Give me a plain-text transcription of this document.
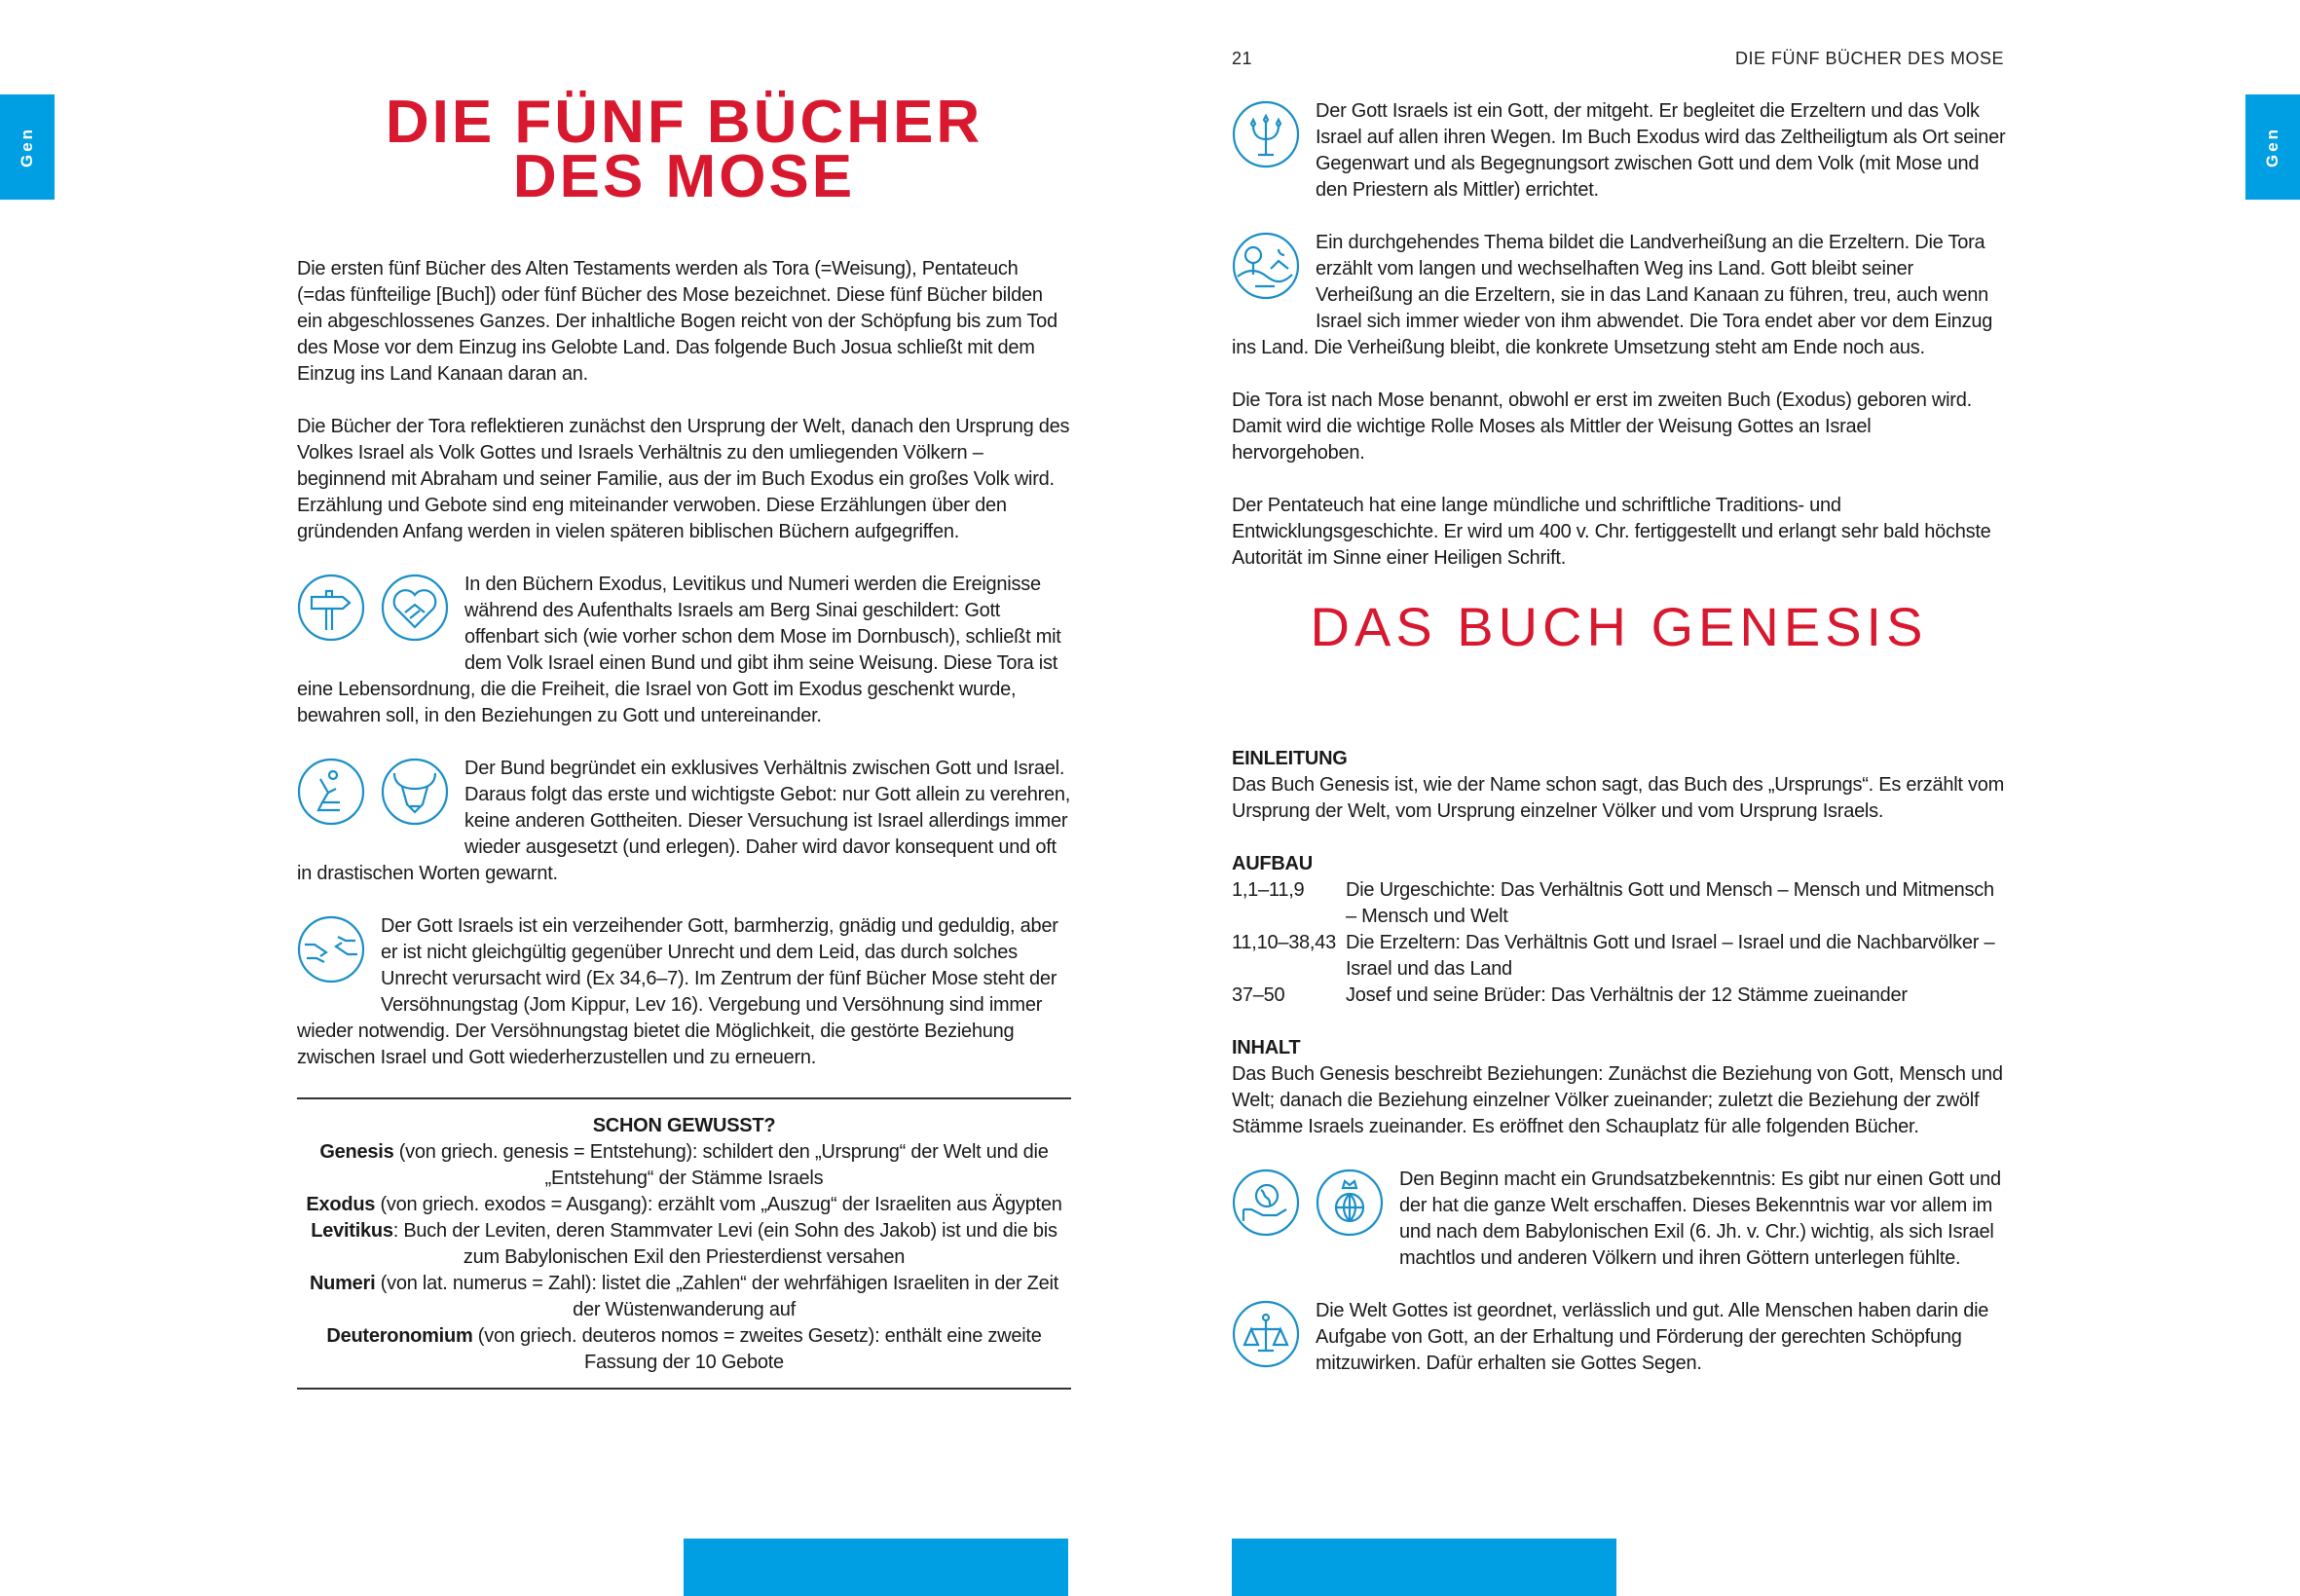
Gen	Gen
DIE FÜNF BÜCHER
DES MOSE

Die ersten fünf Bücher des Alten Testaments werden als Tora (=Weisung), Pentateuch (=das fünfteilige [Buch]) oder fünf Bücher des Mose bezeichnet. Diese fünf Bücher bilden ein abgeschlossenes Ganzes. Der inhaltliche Bogen reicht von der Schöpfung bis zum Tod des Mose vor dem Einzug ins Gelobte Land. Das folgende Buch Josua schließt mit dem Einzug ins Land Kanaan daran an.

Die Bücher der Tora reflektieren zunächst den Ursprung der Welt, danach den Ursprung des Volkes Israel als Volk Gottes und Israels Verhältnis zu den umliegenden Völkern – beginnend mit Abraham und seiner Familie, aus der im Buch Exodus ein großes Volk wird. Erzählung und Gebote sind eng miteinander verwoben. Diese Erzählungen über den gründenden Anfang werden in vielen späteren biblischen Büchern aufgegriffen.

In den Büchern Exodus, Levitikus und Numeri werden die Ereignisse während des Aufenthalts Israels am Berg Sinai geschildert: Gott offenbart sich (wie vorher schon dem Mose im Dornbusch), schließt mit dem Volk Israel einen Bund und gibt ihm seine Weisung. Diese Tora ist eine Lebensordnung, die die Freiheit, die Israel von Gott im Exodus geschenkt wurde, bewahren soll, in den Beziehungen zu Gott und untereinander.

Der Bund begründet ein exklusives Verhältnis zwischen Gott und Israel. Daraus folgt das erste und wichtigste Gebot: nur Gott allein zu verehren, keine anderen Gottheiten. Dieser Versuchung ist Israel allerdings immer wieder ausgesetzt (und erlegen). Daher wird davor konsequent und oft in drastischen Worten gewarnt.

Der Gott Israels ist ein verzeihender Gott, barmherzig, gnädig und geduldig, aber er ist nicht gleichgültig gegenüber Unrecht und dem Leid, das durch solches Unrecht verursacht wird (Ex 34,6–7). Im Zentrum der fünf Bücher Mose steht der Versöhnungstag (Jom Kippur, Lev 16). Vergebung und Versöhnung sind immer wieder notwendig. Der Versöhnungstag bietet die Möglichkeit, die gestörte Beziehung zwischen Israel und Gott wiederherzustellen und zu erneuern.

SCHON GEWUSST?

Genesis (von griech. genesis = Entstehung): schildert den „Ursprung“ der Welt und die „Entstehung“ der Stämme Israels

Exodus (von griech. exodos = Ausgang): erzählt vom „Auszug“ der Israeliten aus Ägypten

Levitikus: Buch der Leviten, deren Stammvater Levi (ein Sohn des Jakob) ist und die bis zum Babylonischen Exil den Priesterdienst versahen

Numeri (von lat. numerus = Zahl): listet die „Zahlen“ der wehrfähigen Israeliten in der Zeit der Wüstenwanderung auf

Deuteronomium (von griech. deuteros nomos = zweites Gesetz): enthält eine zweite Fassung der 10 Gebote

21	DIE FÜNF BÜCHER DES MOSE

Der Gott Israels ist ein Gott, der mitgeht. Er begleitet die Erzeltern und das Volk Israel auf allen ihren Wegen. Im Buch Exodus wird das Zeltheiligtum als Ort seiner Gegenwart und als Begegnungsort zwischen Gott und dem Volk (mit Mose und den Priestern als Mittler) errichtet.

Ein durchgehendes Thema bildet die Landverheißung an die Erzeltern. Die Tora erzählt vom langen und wechselhaften Weg ins Land. Gott bleibt seiner Verheißung an die Erzeltern, sie in das Land Kanaan zu führen, treu, auch wenn Israel sich immer wieder von ihm abwendet. Die Tora endet aber vor dem Einzug ins Land. Die Verheißung bleibt, die konkrete Umsetzung steht am Ende noch aus.

Die Tora ist nach Mose benannt, obwohl er erst im zweiten Buch (Exodus) geboren wird. Damit wird die wichtige Rolle Moses als Mittler der Weisung Gottes an Israel hervorgehoben.

Der Pentateuch hat eine lange mündliche und schriftliche Traditions- und Entwicklungsgeschichte. Er wird um 400 v. Chr. fertiggestellt und erlangt sehr bald höchste Autorität im Sinne einer Heiligen Schrift.

DAS BUCH GENESIS
EINLEITUNG

Das Buch Genesis ist, wie der Name schon sagt, das Buch des „Ursprungs“. Es erzählt vom Ursprung der Welt, vom Ursprung einzelner Völker und vom Ursprung Israels.

AUFBAU
1,1–11,9	Die Urgeschichte: Das Verhältnis Gott und Mensch – Mensch und Mitmensch – Mensch und Welt
11,10–38,43 Die Erzeltern: Das Verhältnis Gott und Israel – Israel und die Nachbarvölker – Israel und das Land
37–50	Josef und seine Brüder: Das Verhältnis der 12 Stämme zueinander
INHALT

Das Buch Genesis beschreibt Beziehungen: Zunächst die Beziehung von Gott, Mensch und Welt; danach die Beziehung einzelner Völker zueinander; zuletzt die Beziehung der zwölf Stämme Israels zueinander. Es eröffnet den Schauplatz für alle folgenden Bücher.

Den Beginn macht ein Grundsatzbekenntnis: Es gibt nur einen Gott und der hat die ganze Welt erschaffen. Dieses Bekenntnis war vor allem im und nach dem Babylonischen Exil (6. Jh. v. Chr.) wichtig, als sich Israel machtlos und anderen Völkern und ihren Göttern unterlegen fühlte.

Die Welt Gottes ist geordnet, verlässlich und gut. Alle Menschen haben darin die Aufgabe von Gott, an der Erhaltung und Förderung der gerechten Schöpfung mitzuwirken. Dafür erhalten sie Gottes Segen.
